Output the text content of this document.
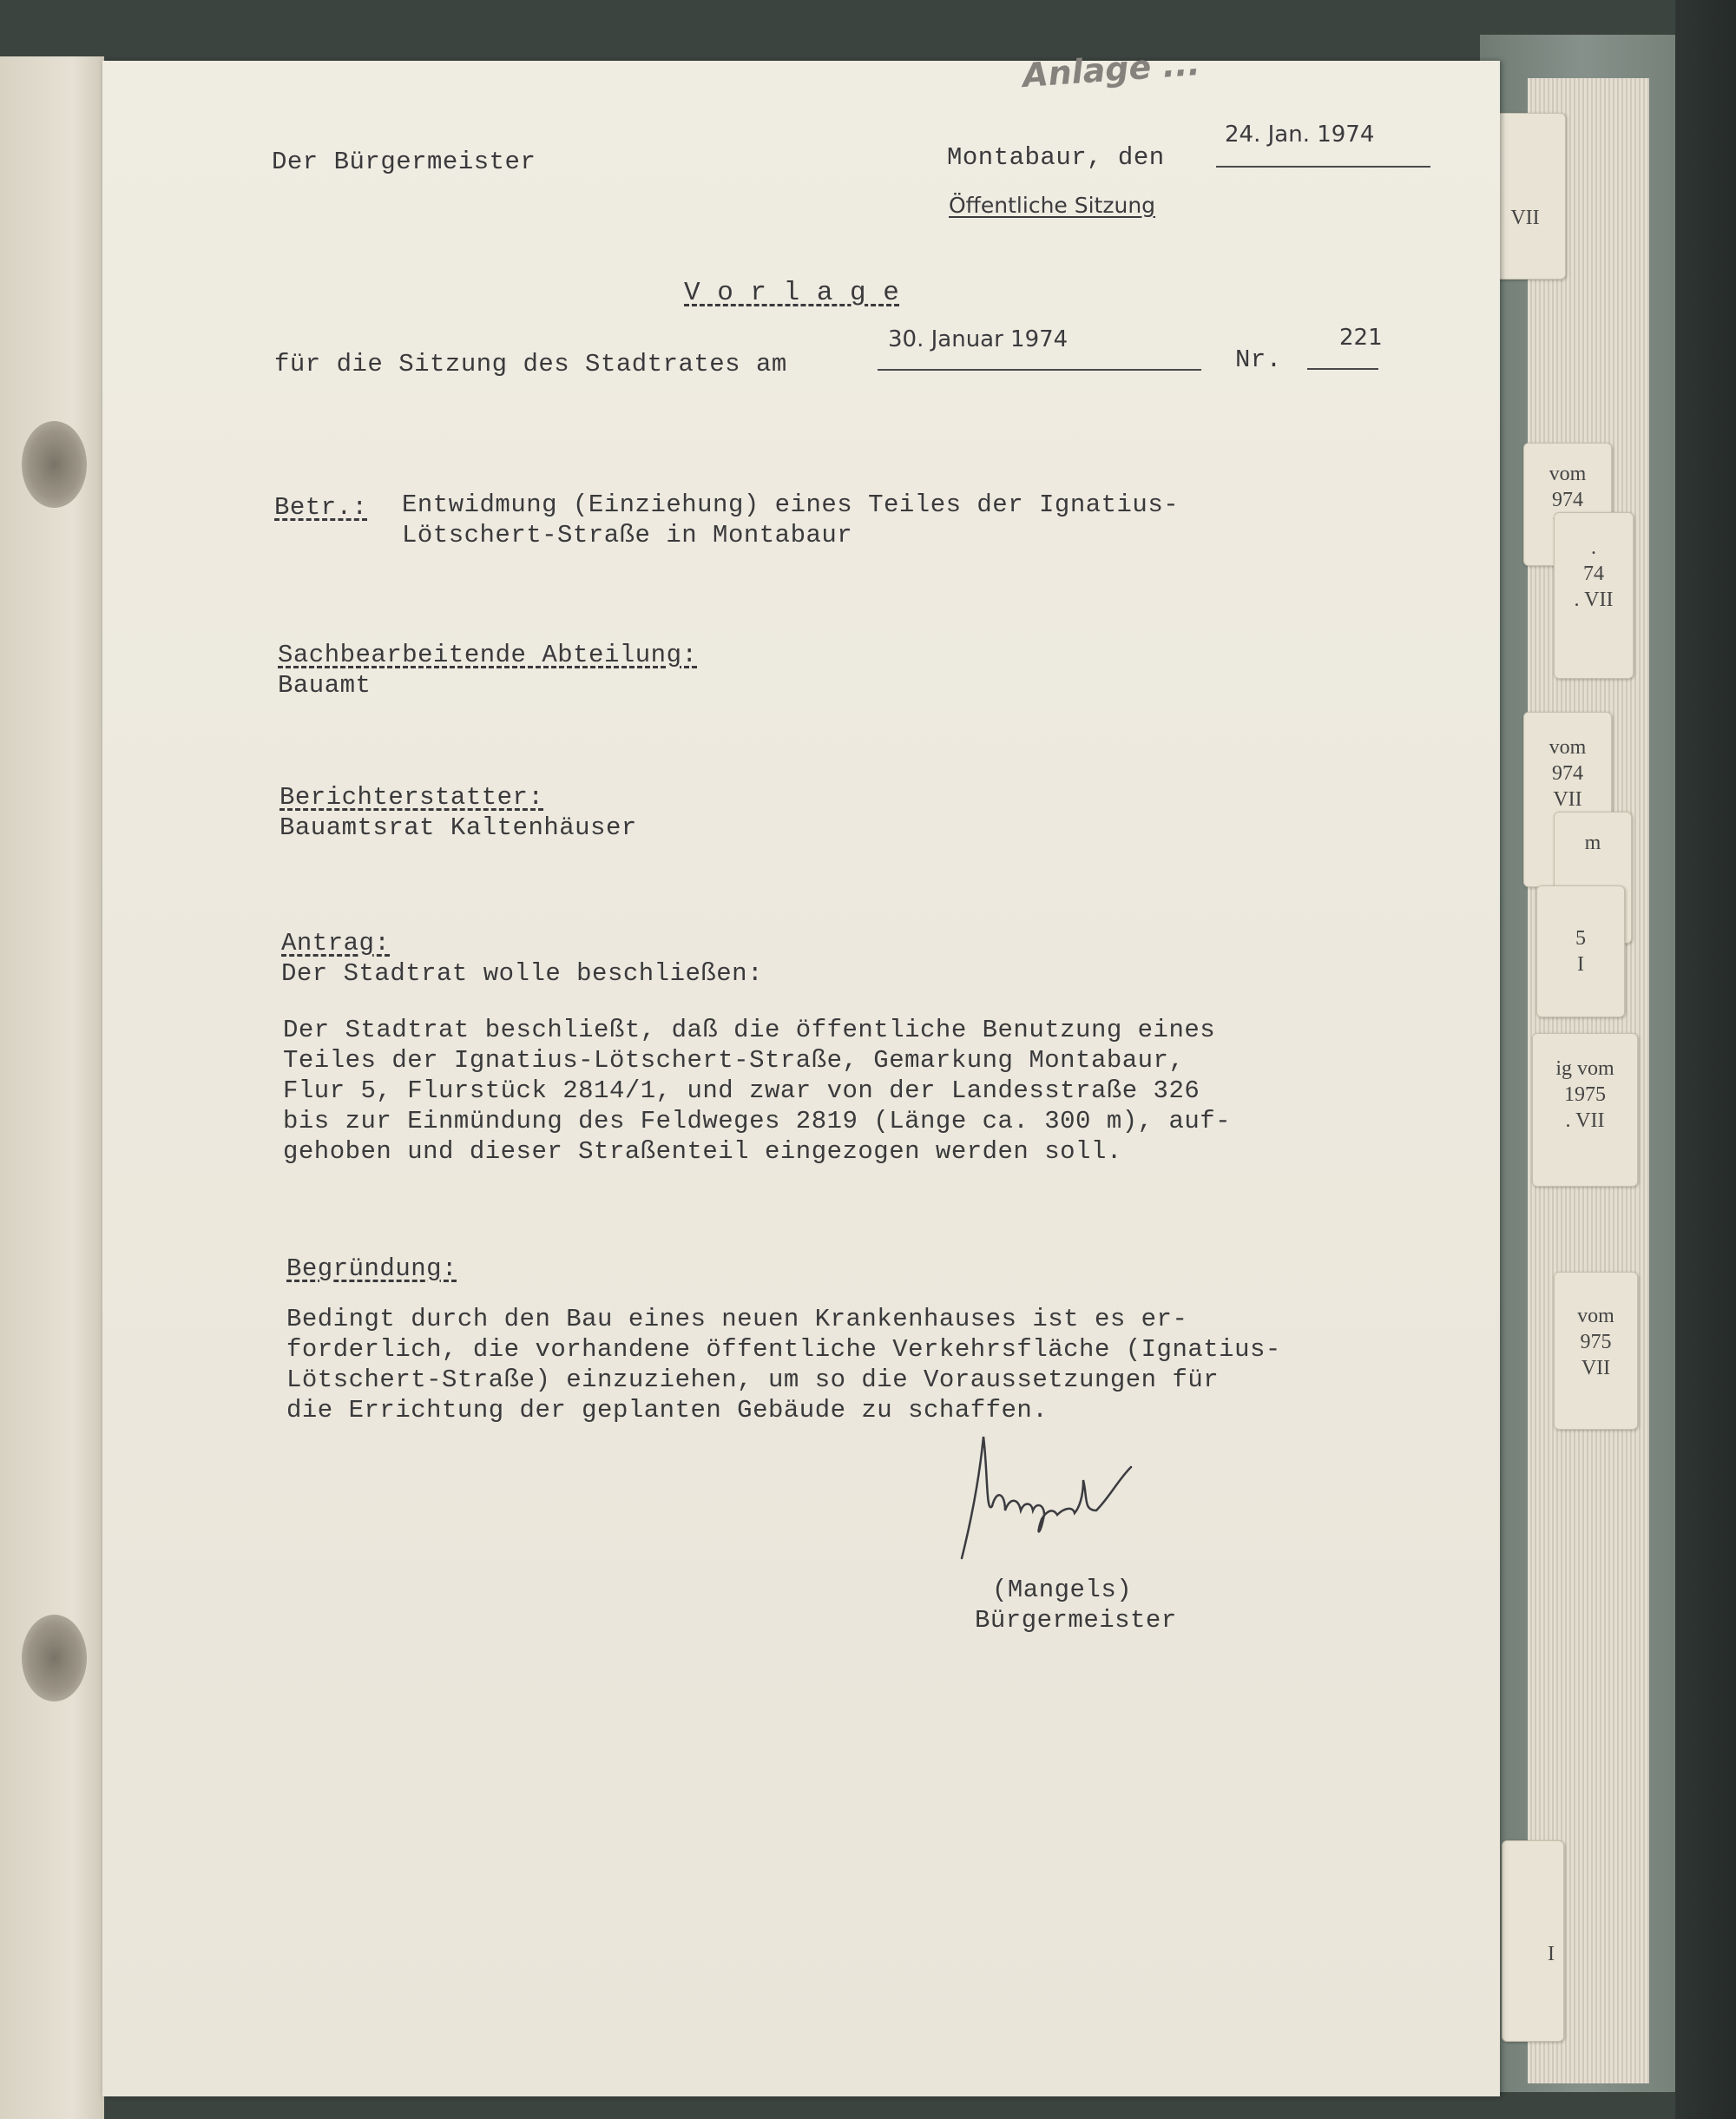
VII
vom
974
.
74
. VII
vom
974
VII
m
5
I
ig vom
1975
. VII
vom
975
VII
I
Anlage ...
Der Bürgermeister	Montabaur, den
24. Jan. 1974
Öffentliche Sitzung
V o r l a g e
für die Sitzung des Stadtrates am
30. Januar 1974
Nr.
221
Betr.: Entwidmung (Einziehung) eines Teiles der Ignatius-
Lötschert-Straße in Montabaur
Sachbearbeitende Abteilung:
Bauamt
Berichterstatter:
Bauamtsrat Kaltenhäuser
Antrag:
Der Stadtrat wolle beschließen:
Der Stadtrat beschließt, daß die öffentliche Benutzung eines
Teiles der Ignatius-Lötschert-Straße, Gemarkung Montabaur,
Flur 5, Flurstück 2814/1, und zwar von der Landesstraße 326
bis zur Einmündung des Feldweges 2819 (Länge ca. 300 m), auf-
gehoben und dieser Straßenteil eingezogen werden soll.
Begründung:
Bedingt durch den Bau eines neuen Krankenhauses ist es er-
forderlich, die vorhandene öffentliche Verkehrsfläche (Ignatius-
Lötschert-Straße) einzuziehen, um so die Voraussetzungen für
die Errichtung der geplanten Gebäude zu schaffen.
(Mangels)
Bürgermeister
